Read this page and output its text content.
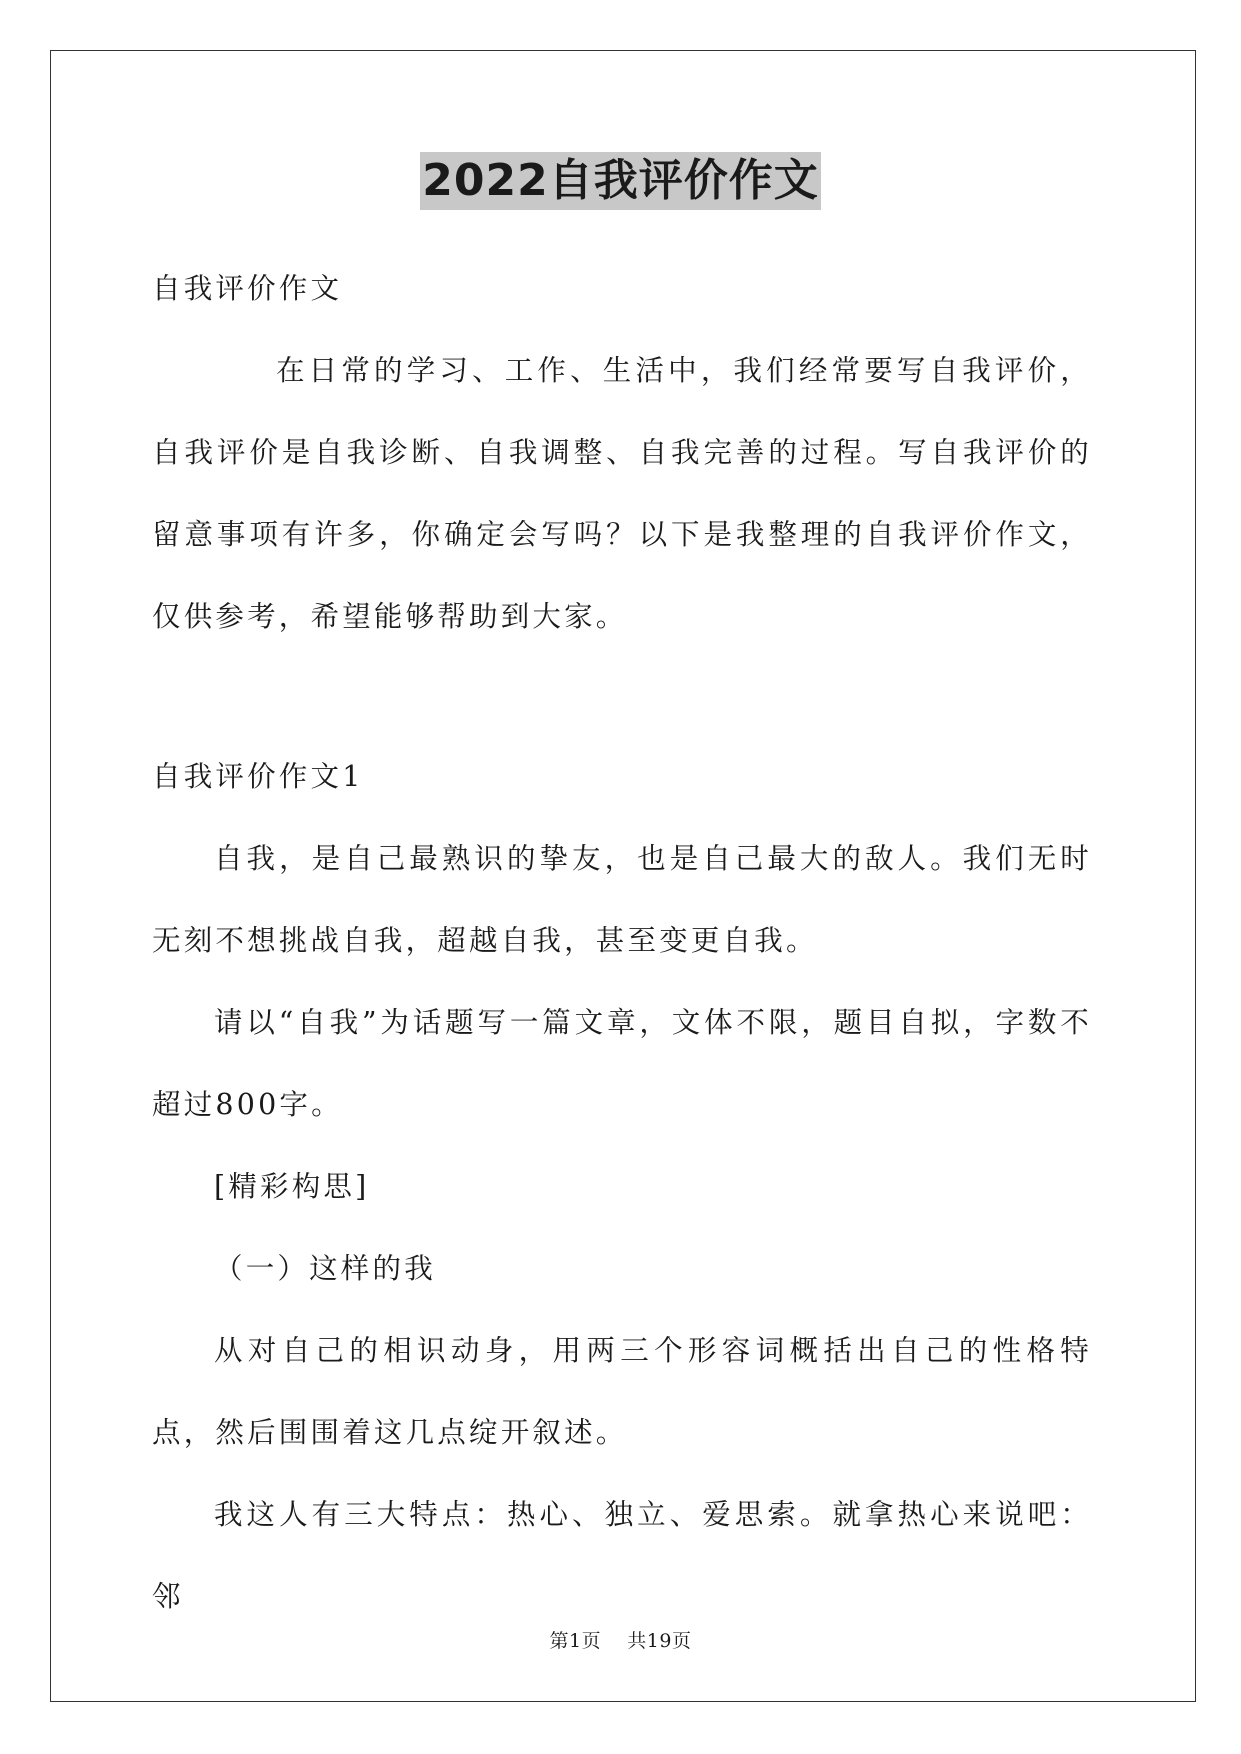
2022自我评价作文

自我评价作文

在日常的学习、工作、生活中，我们经常要写自我评价，自我评价是自我诊断、自我调整、自我完善的过程。写自我评价的留意事项有许多，你确定会写吗？以下是我整理的自我评价作文，仅供参考，希望能够帮助到大家。

自我评价作文1

自我，是自己最熟识的挚友，也是自己最大的敌人。我们无时无刻不想挑战自我，超越自我，甚至变更自我。

请以“自我”为话题写一篇文章，文体不限，题目自拟，字数不超过800字。

[精彩构思]

（一）这样的我

从对自己的相识动身，用两三个形容词概括出自己的性格特点，然后围围着这几点绽开叙述。

我这人有三大特点：热心、独立、爱思索。就拿热心来说吧：邻

第1页 共19页
